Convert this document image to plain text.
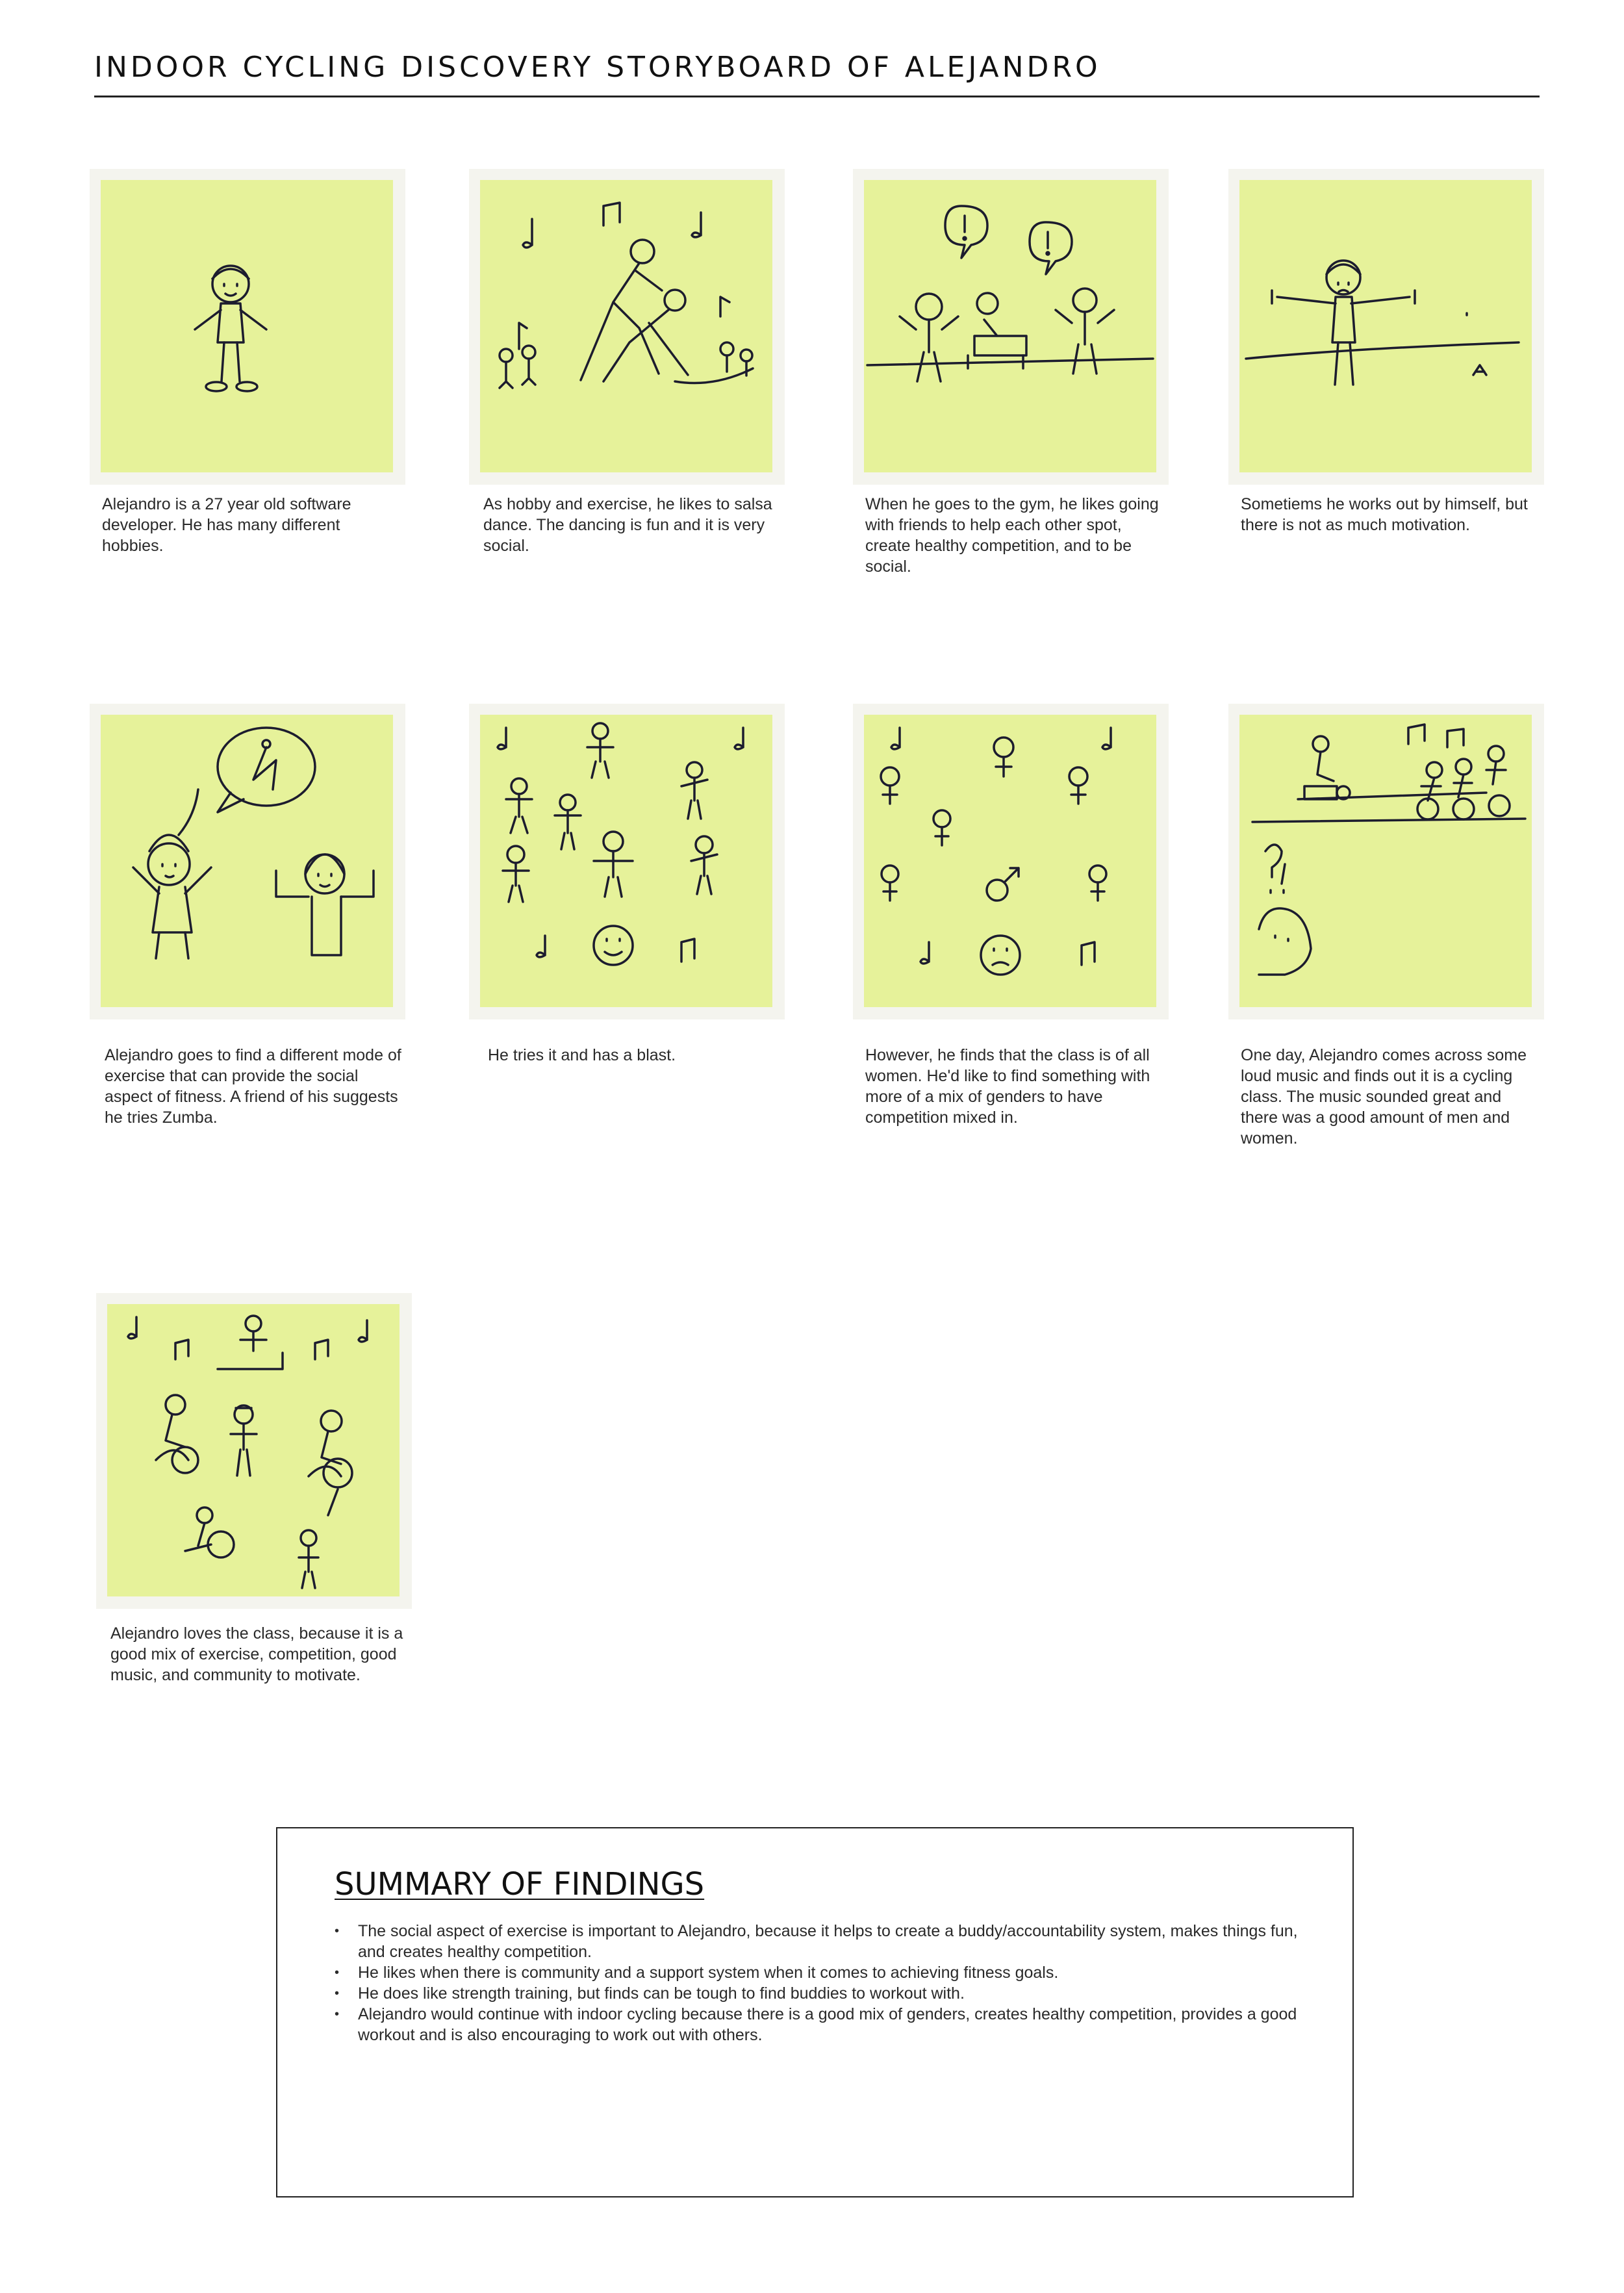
INDOOR CYCLING DISCOVERY STORYBOARD OF ALEJANDRO
Alejandro is a 27 year old software developer. He has many different hobbies.
As hobby and exercise, he likes to salsa dance. The dancing is fun and it is very social.
When he goes to the gym, he likes going with friends to help each other spot, create healthy competition, and to be social.
Sometiems he works out by himself, but there is not as much motivation.
Alejandro goes to find a different mode of exercise that can provide the social aspect of fitness. A friend of his suggests he tries Zumba.
He tries it and has a blast.	However, he finds that the class is of all women. He'd like to find something with more of a mix of genders to have competition mixed in.
One day, Alejandro comes across some loud music and finds out it is a cycling class. The music sounded great and there was a good amount of men and women.
Alejandro loves the class, because it is a good mix of exercise, competition, good music, and community to motivate.
SUMMARY OF FINDINGS
• The social aspect of exercise is important to Alejandro, because it helps to create a buddy/accountability system, makes things fun, and creates healthy competition.
• He likes when there is community and a support system when it comes to achieving fitness goals.
• He does like strength training, but finds can be tough to find buddies to workout with.
• Alejandro would continue with indoor cycling because there is a good mix of genders, creates healthy competition, provides a good workout and is also encouraging to work out with others.
